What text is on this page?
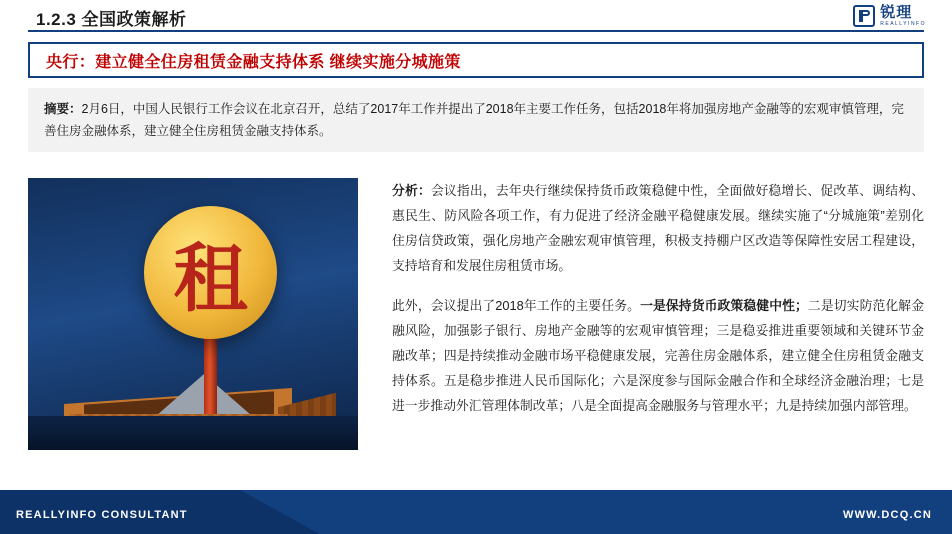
1.2.3 全国政策解析	锐理
REALLYINFO
央行：建立健全住房租赁金融支持体系 继续实施分城施策

摘要：2月6日，中国人民银行工作会议在北京召开，总结了2017年工作并提出了2018年主要工作任务，包括2018年将加强房地产金融等的宏观审慎管理，完善住房金融体系，建立健全住房租赁金融支持体系。

租

分析：会议指出，去年央行继续保持货币政策稳健中性，全面做好稳增长、促改革、调结构、惠民生、防风险各项工作，有力促进了经济金融平稳健康发展。继续实施了“分城施策”差别化住房信贷政策，强化房地产金融宏观审慎管理，积极支持棚户区改造等保障性安居工程建设，支持培育和发展住房租赁市场。

此外，会议提出了2018年工作的主要任务。一是保持货币政策稳健中性；二是切实防范化解金融风险，加强影子银行、房地产金融等的宏观审慎管理；三是稳妥推进重要领域和关键环节金融改革；四是持续推动金融市场平稳健康发展，完善住房金融体系，建立健全住房租赁金融支持体系。五是稳步推进人民币国际化；六是深度参与国际金融合作和全球经济金融治理；七是进一步推动外汇管理体制改革；八是全面提高金融服务与管理水平；九是持续加强内部管理。

REALLYINFO CONSULTANT	WWW.DCQ.CN
